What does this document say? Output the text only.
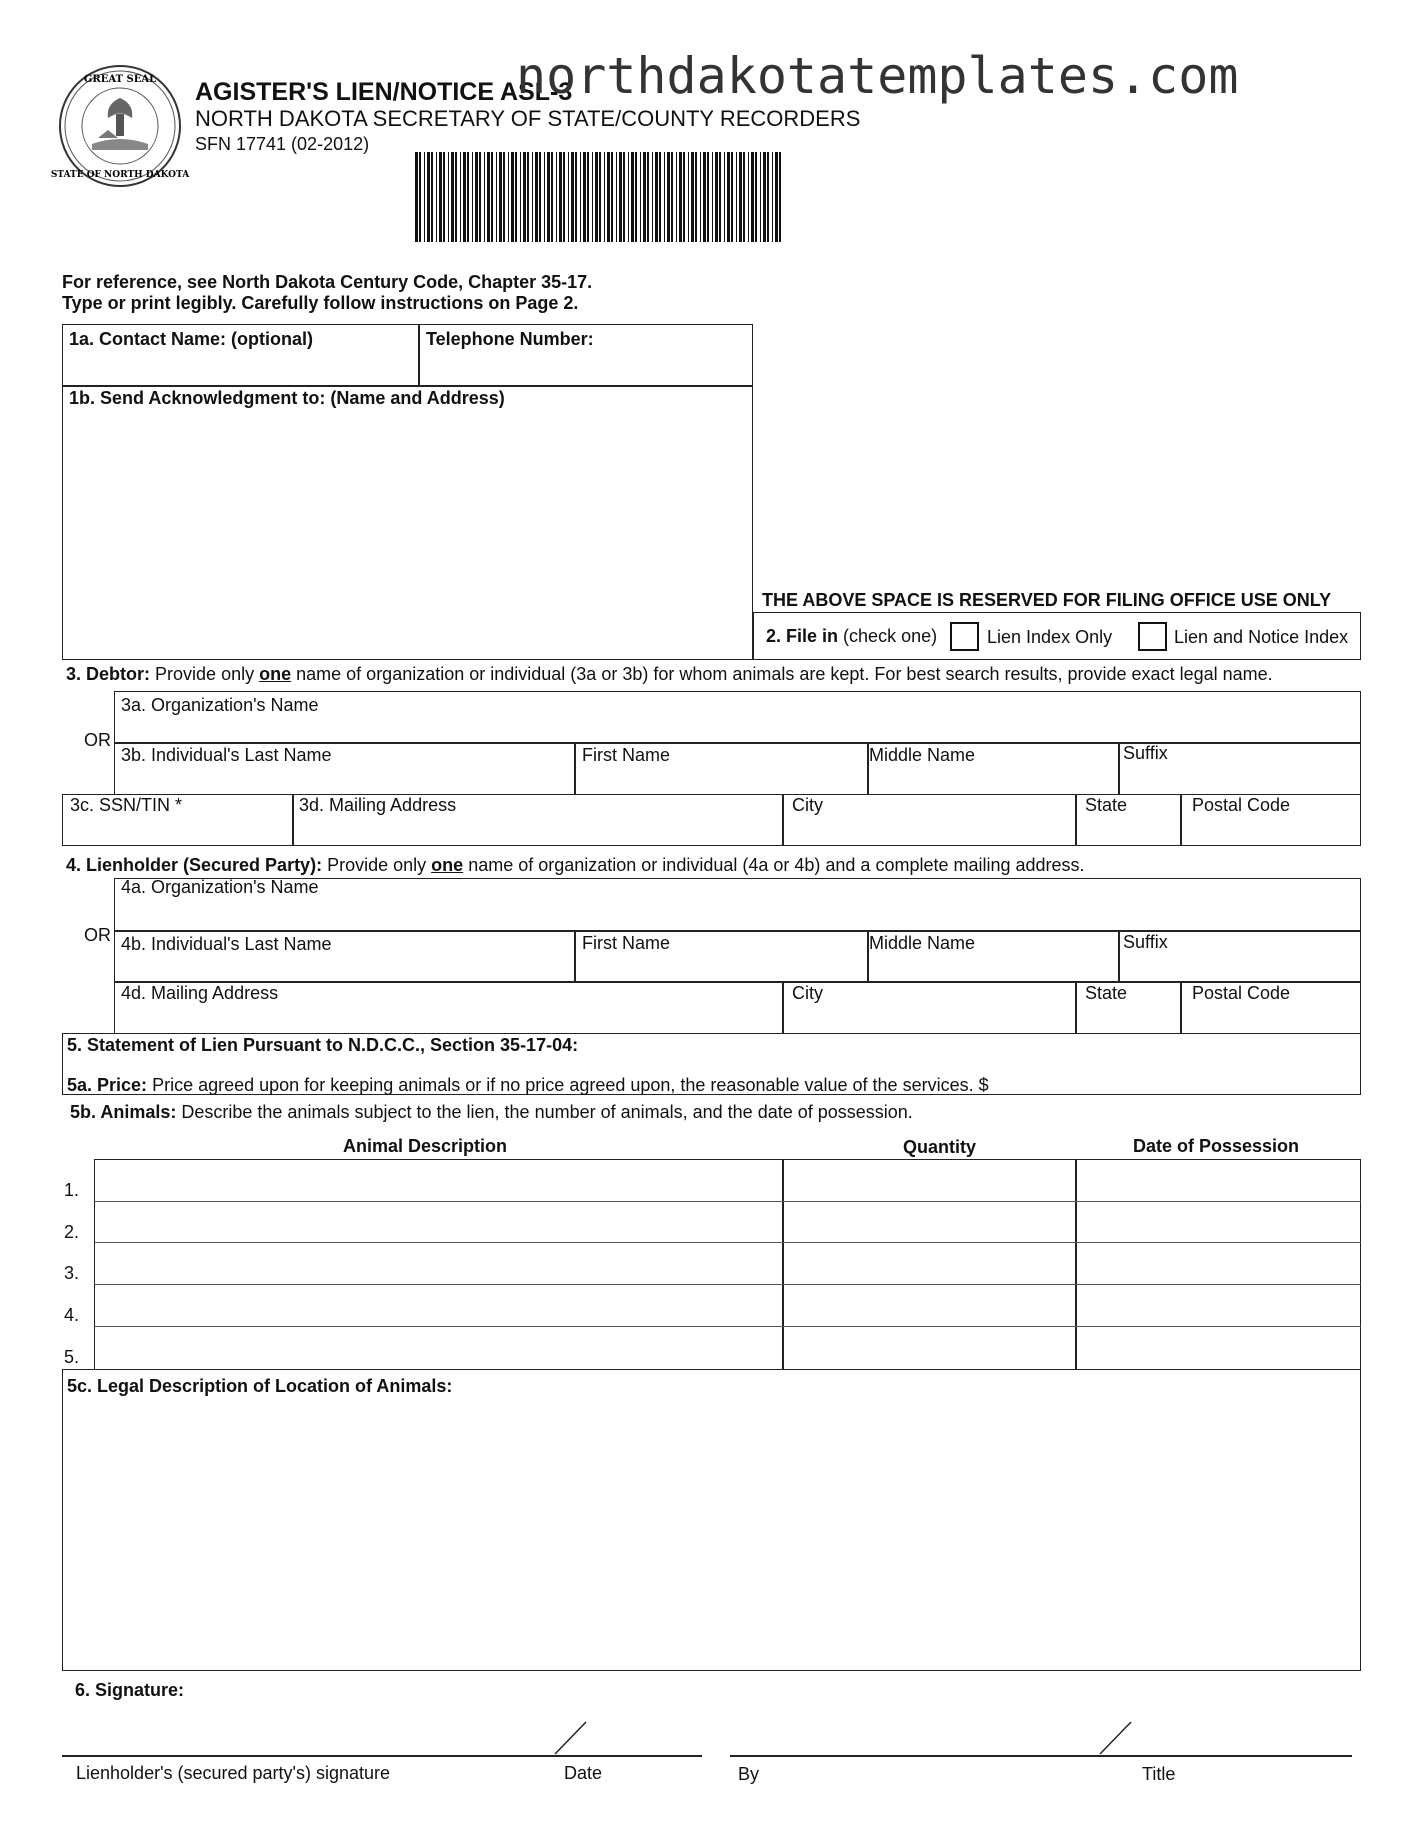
GREAT SEAL
STATE OF NORTH DAKOTA
AGISTER'S LIEN/NOTICE ASL-3
NORTH DAKOTA SECRETARY OF STATE/COUNTY RECORDERS
SFN 17741 (02-2012)
northdakotatemplates.com
For reference, see North Dakota Century Code, Chapter 35-17.
Type or print legibly. Carefully follow instructions on Page 2.
1a. Contact Name: (optional)	Telephone Number:
1b. Send Acknowledgment to: (Name and Address)
THE ABOVE SPACE IS RESERVED FOR FILING OFFICE USE ONLY
2. File in (check one)	Lien Index Only	Lien and Notice Index
3. Debtor: Provide only one name of organization or individual (3a or 3b) for whom animals are kept. For best search results, provide exact legal name.
OR
3a. Organization's Name
3b. Individual's Last Name	First Name	Middle Name	Suffix
3c. SSN/TIN *	3d. Mailing Address	City	State	Postal Code
4. Lienholder (Secured Party): Provide only one name of organization or individual (4a or 4b) and a complete mailing address.
OR
4a. Organization's Name
4b. Individual's Last Name	First Name	Middle Name	Suffix
4d. Mailing Address	City	State	Postal Code
5. Statement of Lien Pursuant to N.D.C.C., Section 35-17-04:
5a. Price: Price agreed upon for keeping animals or if no price agreed upon, the reasonable value of the services. $
5b. Animals: Describe the animals subject to the lien, the number of animals, and the date of possession.
Animal Description	Quantity	Date of Possession
1.
2.
3.
4.
5.
5c. Legal Description of Location of Animals:
6. Signature:
Lienholder's (secured party's) signature	Date	By	Title
